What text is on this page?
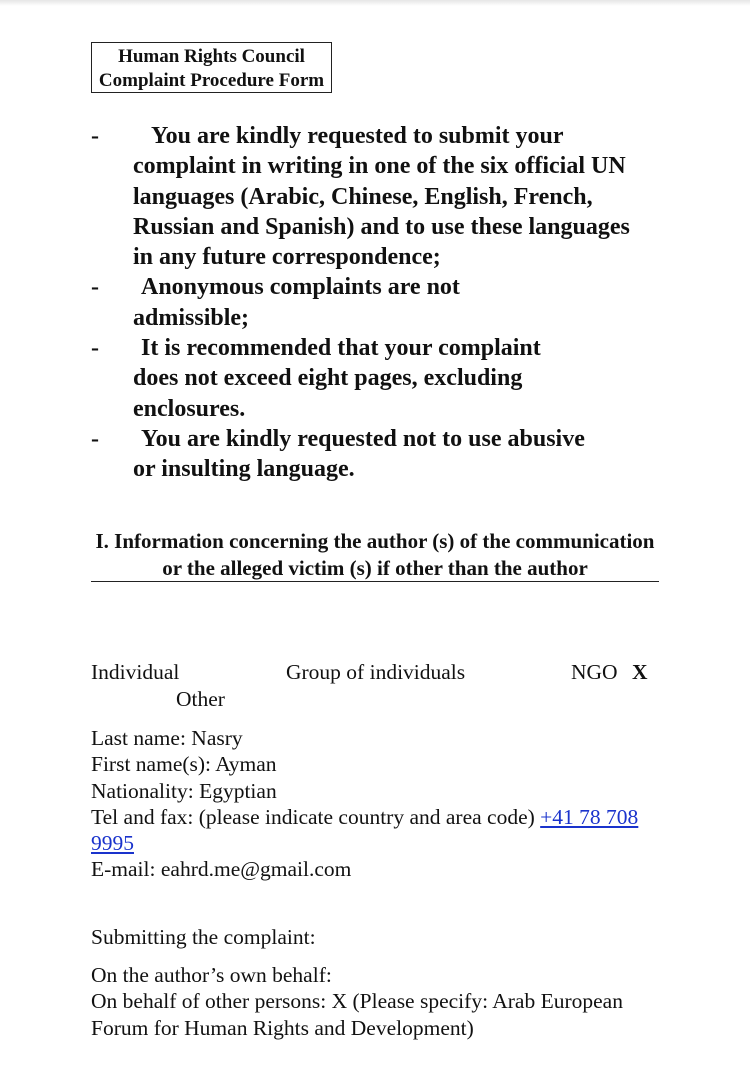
Human Rights Council
Complaint Procedure Form
-	You are kindly requested to submit your complaint in writing in one of the six official UN languages (Arabic, Chinese, English, French, Russian and Spanish) and to use these languages in any future correspondence;
-	Anonymous complaints are not admissible;
-	It is recommended that your complaint does not exceed eight pages, excluding enclosures.
-	You are kindly requested not to use abusive or insulting language.
I. Information concerning the author (s) of the communication or the alleged victim (s) if other than the author
Individual	Group of individuals	NGO X
Other
Last name: Nasry
First name(s): Ayman
Nationality: Egyptian
Tel and fax: (please indicate country and area code) +41 78 708 9995
E-mail: eahrd.me@gmail.com
Submitting the complaint:
On the author’s own behalf:
On behalf of other persons: X (Please specify: Arab European Forum for Human Rights and Development)
